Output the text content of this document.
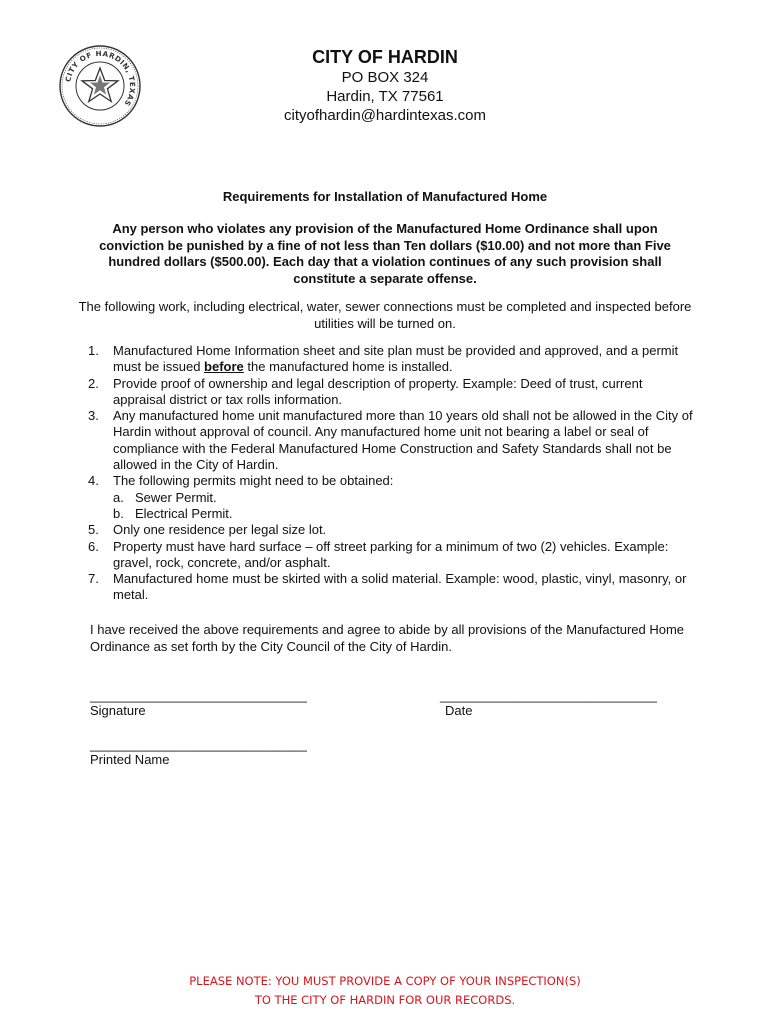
CITY OF HARDIN, TEXAS
CITY OF HARDIN
PO BOX 324
Hardin, TX 77561
cityofhardin@hardintexas.com
Requirements for Installation of Manufactured Home
Any person who violates any provision of the Manufactured Home Ordinance shall upon conviction be punished by a fine of not less than Ten dollars ($10.00) and not more than Five hundred dollars ($500.00). Each day that a violation continues of any such provision shall constitute a separate offense.
The following work, including electrical, water, sewer connections must be completed and inspected before utilities will be turned on.
1. Manufactured Home Information sheet and site plan must be provided and approved, and a permit must be issued before the manufactured home is installed.
2. Provide proof of ownership and legal description of property. Example: Deed of trust, current appraisal district or tax rolls information.
3. Any manufactured home unit manufactured more than 10 years old shall not be allowed in the City of Hardin without approval of council. Any manufactured home unit not bearing a label or seal of compliance with the Federal Manufactured Home Construction and Safety Standards shall not be allowed in the City of Hardin.
4. The following permits might need to be obtained:
a. Sewer Permit.
b. Electrical Permit.
5. Only one residence per legal size lot.
6. Property must have hard surface – off street parking for a minimum of two (2) vehicles. Example: gravel, rock, concrete, and/or asphalt.
7. Manufactured home must be skirted with a solid material. Example: wood, plastic, vinyl, masonry, or metal.
I have received the above requirements and agree to abide by all provisions of the Manufactured Home Ordinance as set forth by the City Council of the City of Hardin.
______________________________
Signature
______________________________
Date
______________________________
Printed Name
PLEASE NOTE: YOU MUST PROVIDE A COPY OF YOUR INSPECTION(S)
TO THE CITY OF HARDIN FOR OUR RECORDS.
